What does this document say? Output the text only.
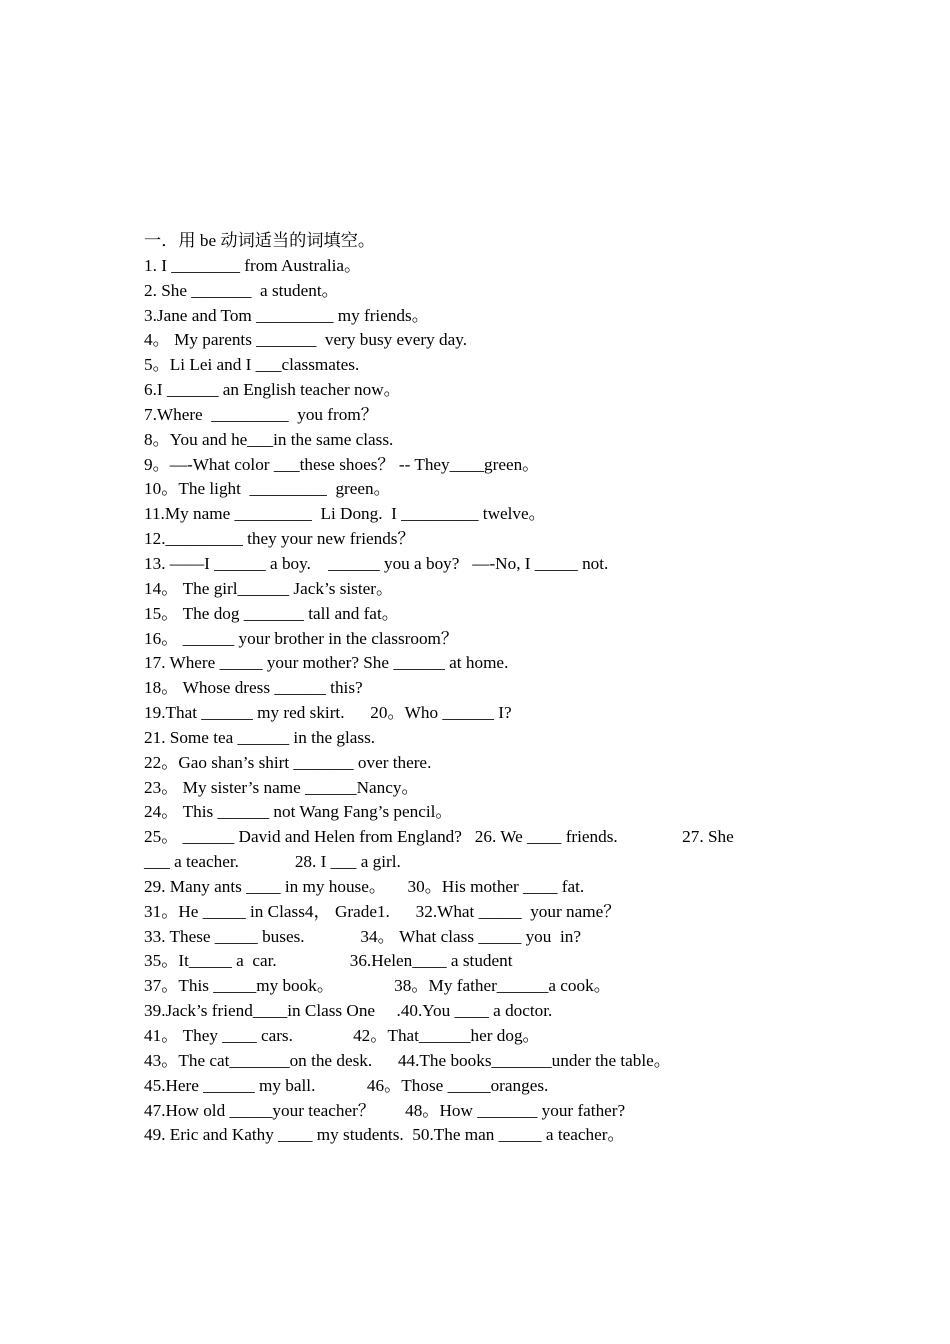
一．用 be 动词适当的词填空。
1. I ________ from Australia。
2. She _______  a student。
3.Jane and Tom _________ my friends。
4。 My parents _______  very busy every day.
5。Li Lei and I ___classmates.
6.I ______ an English teacher now。
7.Where  _________  you from？
8。You and he___in the same class.
9。—-What color ___these shoes？ -- They____green。
10。The light  _________  green。
11.My name _________  Li Dong.  I _________ twelve。
12._________ they your new friends？
13. ——I ______ a boy.    ______ you a boy?   —-No, I _____ not.
14。 The girl______ Jack’s sister。
15。 The dog _______ tall and fat。
16。 ______ your brother in the classroom？
17. Where _____ your mother? She ______ at home.
18。 Whose dress ______ this?
19.That ______ my red skirt.      20。Who ______ I?
21. Some tea ______ in the glass.
22。Gao shan’s shirt _______ over there.
23。 My sister’s name ______Nancy。
24。 This ______ not Wang Fang’s pencil。
25。 ______ David and Helen from England?   26. We ____ friends.               27. She
___ a teacher.             28. I ___ a girl.
29. Many ants ____ in my house。     30。His mother ____ fat.
31。He _____ in Class4， Grade1.      32.What _____  your name？
33. These _____ buses.             34。 What class _____ you  in?
35。It_____ a  car.                 36.Helen____ a student
37。This _____my book。              38。My father______a cook。
39.Jack’s friend____in Class One     .40.You ____ a doctor.
41。 They ____ cars.              42。That______her dog。
43。The cat_______on the desk.      44.The books_______under the table。
45.Here ______ my ball.            46。Those _____oranges.
47.How old _____your teacher？       48。How _______ your father?
49. Eric and Kathy ____ my students.  50.The man _____ a teacher。
